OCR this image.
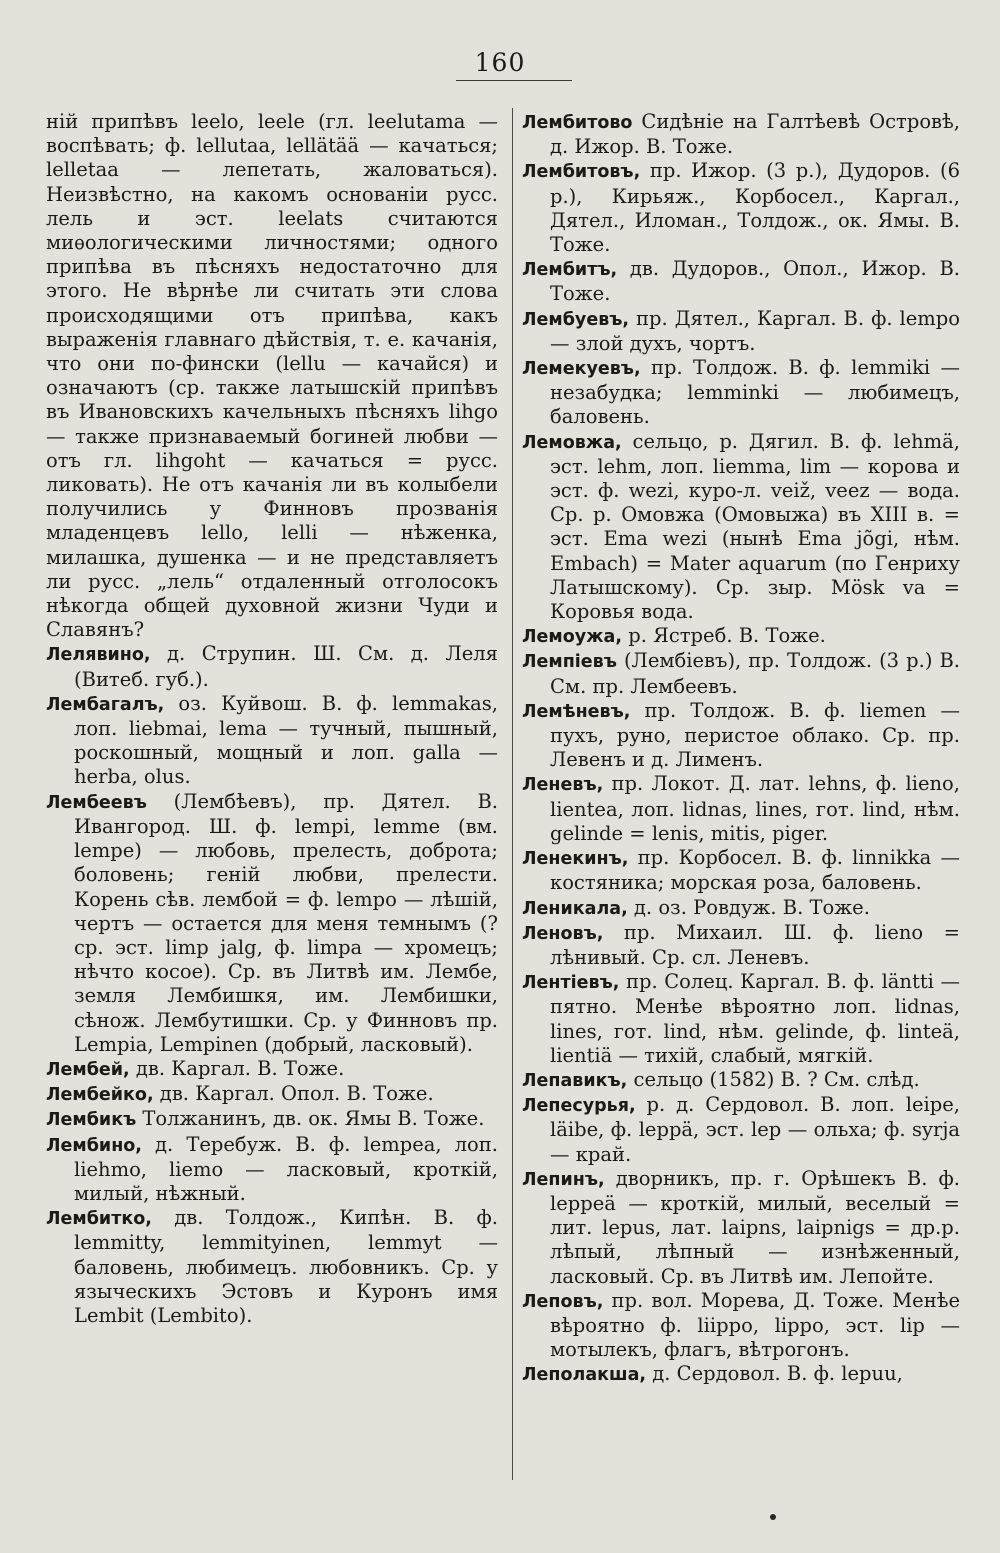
160

ній припѣвъ leelo, leele (гл. leelutama — воспѣвать; ф. lellutaa, lellätää — качаться; lelletaa — лепетать, жаловаться). Неизвѣстно, на какомъ основаніи русс. лель и эст. leelats считаются миѳологическими личностями; одного припѣва въ пѣсняхъ недостаточно для этого. Не вѣрнѣе ли считать эти слова происходящими отъ припѣва, какъ выраженія главнаго дѣйствія, т. е. качанія, что они по-фински (lellu — качайся) и означаютъ (ср. также латышскій припѣвъ въ Ивановскихъ качельныхъ пѣсняхъ lihgo — также признаваемый богиней любви — отъ гл. lihgoht — качаться = русс. ликовать). Не отъ качанія ли въ колыбели получились у Финновъ прозванія младенцевъ lello, lelli — нѣженка, милашка, душенка — и не представляетъ ли русс. „лель“ отдаленный отголосокъ нѣкогда общей духовной жизни Чуди и Славянъ?

Лелявино, д. Струпин. Ш. См. д. Леля (Витеб. губ.).

Лембагалъ, оз. Куйвош. В. ф. lemmakas, лоп. liebmai, lema — тучный, пышный, роскошный, мощный и лоп. galla — herba, olus.

Лембеевъ (Лембѣевъ), пр. Дятел. В. Ивангород. Ш. ф. lempi, lemme (вм. lempe) — любовь, прелесть, доброта; боловень; геній любви, прелести. Корень сѣв. лембой = ф. lempo — лѣшій, чертъ — остается для меня темнымъ (? ср. эст. limp jalg, ф. limpa — хромецъ; нѣчто косое). Ср. въ Литвѣ им. Лембе, земля Лембишкя, им. Лембишки, сѣнож. Лембутишки. Ср. у Финновъ пр. Lempia, Lempinen (добрый, ласковый).

Лембей, дв. Каргал. В. Тоже.

Лембейко, дв. Каргал. Опол. В. Тоже.

Лембикъ Толжанинъ, дв. ок. Ямы В. Тоже.

Лембино, д. Теребуж. В. ф. lempea, лоп. liehmo, liemo — ласковый, кроткій, милый, нѣжный.

Лембитко, дв. Толдож., Кипѣн. В. ф. lemmitty, lemmityinen, lemmyt — баловень, любимецъ. любовникъ. Ср. у языческихъ Эстовъ и Куронъ имя Lembit (Lembito).

Лембитово Сидѣніе на Галтѣевѣ Островѣ, д. Ижор. В. Тоже.

Лембитовъ, пр. Ижор. (3 р.), Дудоров. (6 р.), Кирьяж., Корбосел., Каргал., Дятел., Иломан., Толдож., ок. Ямы. В. Тоже.

Лембитъ, дв. Дудоров., Опол., Ижор. В. Тоже.

Лембуевъ, пр. Дятел., Каргал. В. ф. lempo — злой духъ, чортъ.

Лемекуевъ, пр. Толдож. В. ф. lemmiki — незабудка; lemminki — любимецъ, баловень.

Лемовжа, сельцо, р. Дягил. В. ф. lehmä, эст. lehm, лоп. liemma, lim — корова и эст. ф. wezi, куро-л. veiž, veez — вода. Ср. р. Омовжа (Омовыжа) въ XIII в. = эст. Ema wezi (нынѣ Ema jõgi, нѣм. Embach) = Mater aquarum (по Генриху Латышскому). Ср. зыр. Mösk va = Коровья вода.

Лемоужа, р. Ястреб. В. Тоже.

Лемпіевъ (Лембіевъ), пр. Толдож. (3 р.) В. См. пр. Лембеевъ.

Лемѣневъ, пр. Толдож. В. ф. liemen — пухъ, руно, перистое облако. Ср. пр. Левенъ и д. Лименъ.

Леневъ, пр. Локот. Д. лат. lehns, ф. lieno, lientea, лоп. lidnas, lines, гот. lind, нѣм. gelinde = lenis, mitis, piger.

Ленекинъ, пр. Корбосел. В. ф. linnikka — костяника; морская роза, баловень.

Леникала, д. оз. Ровдуж. В. Тоже.

Леновъ, пр. Михаил. Ш. ф. lieno = лѣнивый. Ср. сл. Леневъ.

Лентіевъ, пр. Солец. Каргал. В. ф. läntti — пятно. Менѣе вѣроятно лоп. lidnas, lines, гот. lind, нѣм. gelinde, ф. linteä, lientiä — тихій, слабый, мягкій.

Лепавикъ, сельцо (1582) В. ? См. слѣд.

Лепесурья, р. д. Сердовол. В. лоп. leipe, läibe, ф. leppä, эст. lep — ольха; ф. syrja — край.

Лепинъ, дворникъ, пр. г. Орѣшекъ В. ф. leppeä — кроткій, милый, веселый = лит. lepus, лат. laipns, laipnigs = др.р. лѣпый, лѣпный — изнѣженный, ласковый. Ср. въ Литвѣ им. Лепойте.

Леповъ, пр. вол. Морева, Д. Тоже. Менѣе вѣроятно ф. liippo, lippo, эст. lip — мотылекъ, флагъ, вѣтрогонъ.

Леполакша, д. Сердовол. В. ф. lepuu,
